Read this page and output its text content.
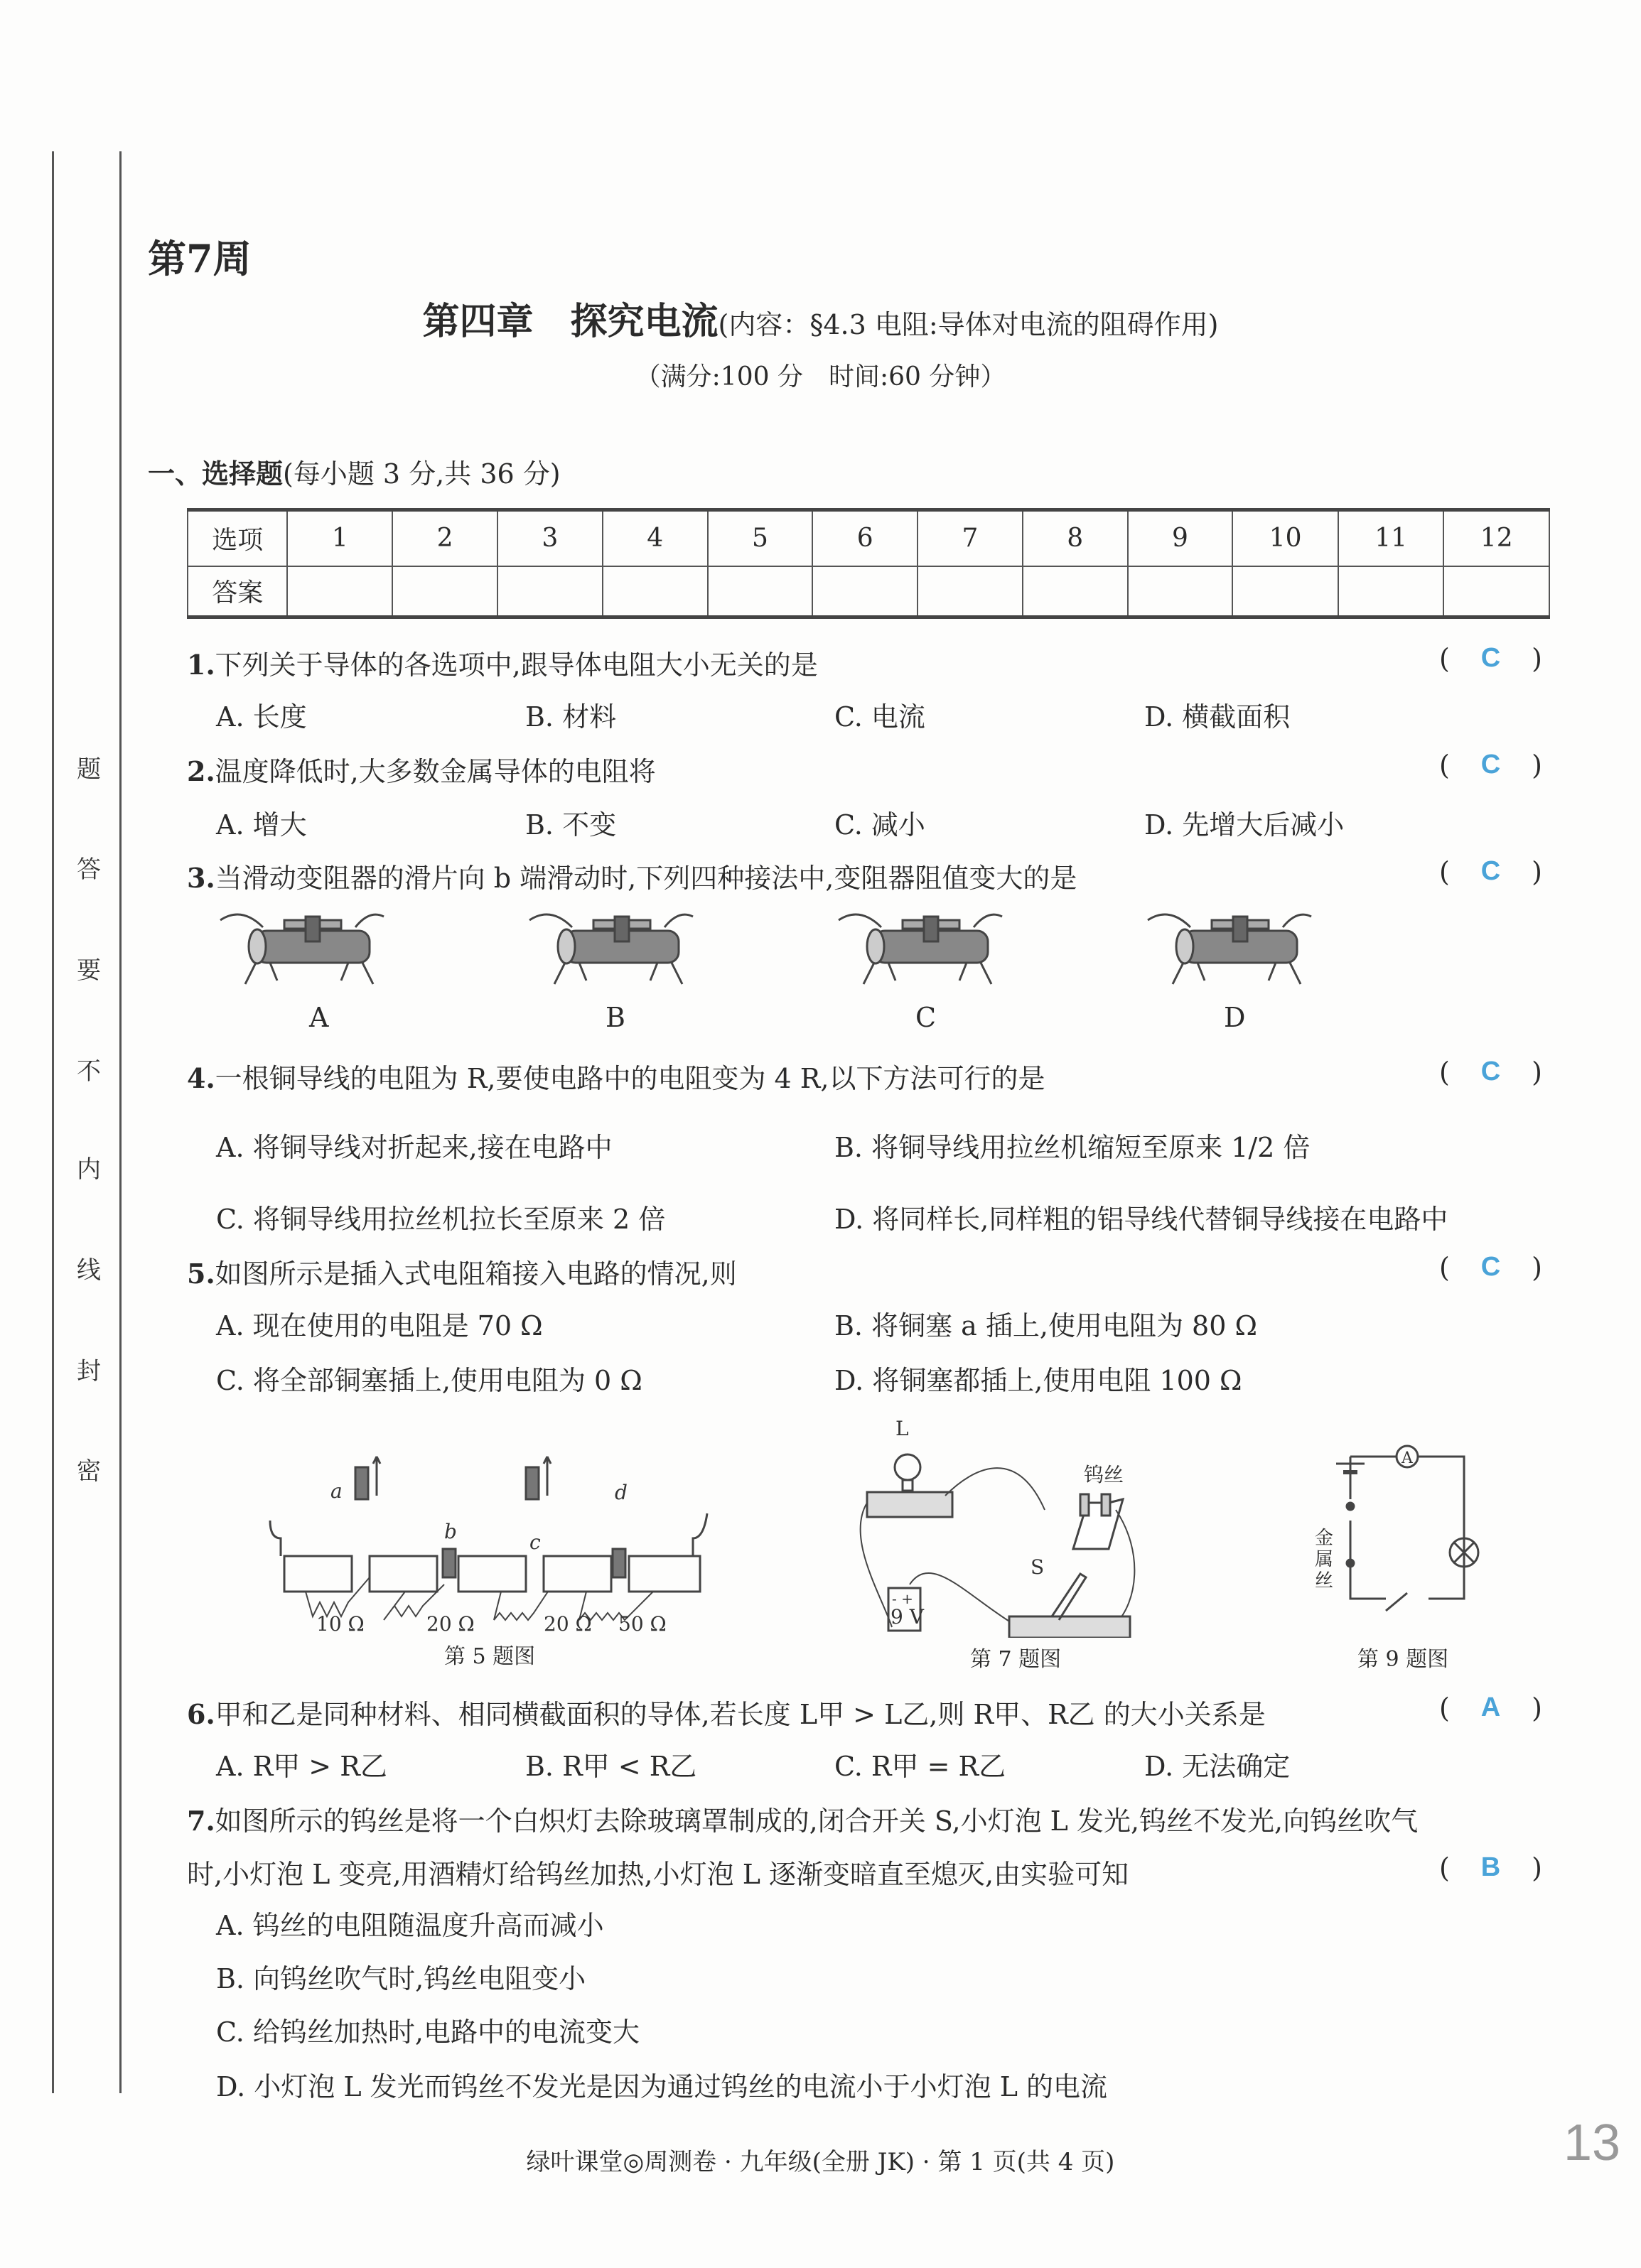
题
答
要
不
内
线
封
密
第7周
第四章　探究电流(内容：§4.3 电阻:导体对电流的阻碍作用)
（满分:100 分　时间:60 分钟）
一、选择题(每小题 3 分,共 36 分)
选项	1	2	3	4	5	6	7	8	9	10	11	12
答案												
1.下列关于导体的各选项中,跟导体电阻大小无关的是	( C )
A. 长度	B. 材料	C. 电流	D. 横截面积
2.温度降低时,大多数金属导体的电阻将	( C )
A. 增大	B. 不变	C. 减小	D. 先增大后减小
3.当滑动变阻器的滑片向 b 端滑动时,下列四种接法中,变阻器阻值变大的是	( C )
4.一根铜导线的电阻为 R,要使电路中的电阻变为 4 R,以下方法可行的是	( C )
A. 将铜导线对折起来,接在电路中	B. 将铜导线用拉丝机缩短至原来 1/2 倍
C. 将铜导线用拉丝机拉长至原来 2 倍	D. 将同样长,同样粗的铝导线代替铜导线接在电路中
5.如图所示是插入式电阻箱接入电路的情况,则	( C )
A. 现在使用的电阻是 70 Ω	B. 将铜塞 a 插上,使用电阻为 80 Ω
C. 将全部铜塞插上,使用电阻为 0 Ω	D. 将铜塞都插上,使用电阻 100 Ω
6.甲和乙是同种材料、相同横截面积的导体,若长度 L甲 > L乙,则 R甲、R乙 的大小关系是	( A )
A. R甲 > R乙	B. R甲 < R乙	C. R甲 = R乙	D. 无法确定
7.如图所示的钨丝是将一个白炽灯去除玻璃罩制成的,闭合开关 S,小灯泡 L 发光,钨丝不发光,向钨丝吹气
时,小灯泡 L 变亮,用酒精灯给钨丝加热,小灯泡 L 逐渐变暗直至熄灭,由实验可知	( B )
A. 钨丝的电阻随温度升高而减小
B. 向钨丝吹气时,钨丝电阻变小
C. 给钨丝加热时,电路中的电流变大
D. 小灯泡 L 发光而钨丝不发光是因为通过钨丝的电流小于小灯泡 L 的电流
A	B	C	D
a
b	c
d
10 Ω	20 Ω	20 Ω 50 Ω
第 5 题图
L
钨丝
S
- +
9 V
第 7 题图
A
金属丝
第 9 题图
绿叶课堂◎周测卷 · 九年级(全册 JK) · 第 1 页(共 4 页)	13
